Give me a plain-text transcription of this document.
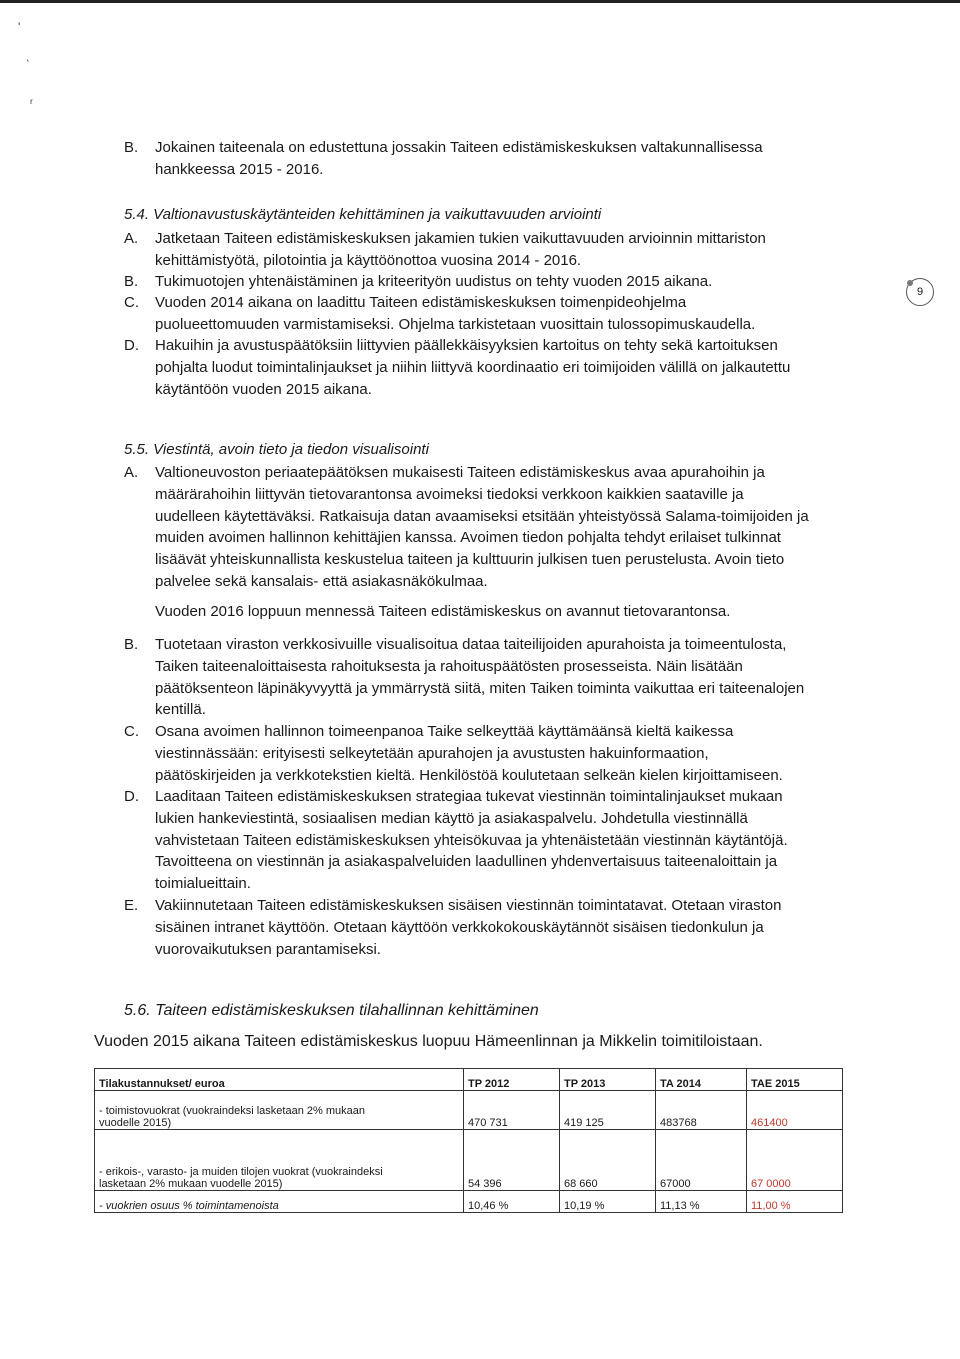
'
ˎ
ʳ
B. Jokainen taiteenala on edustettuna jossakin Taiteen edistämiskeskuksen valtakunnallisessa
hankkeessa 2015 - 2016.
5.4. Valtionavustuskäytänteiden kehittäminen ja vaikuttavuuden arviointi
A. Jatketaan Taiteen edistämiskeskuksen jakamien tukien vaikuttavuuden arvioinnin mittariston
kehittämistyötä, pilotointia ja käyttöönottoa vuosina 2014 - 2016.
B. Tukimuotojen yhtenäistäminen ja kriteerityön uudistus on tehty vuoden 2015 aikana.
C. Vuoden 2014 aikana on laadittu Taiteen edistämiskeskuksen toimenpideohjelma
puolueettomuuden varmistamiseksi. Ohjelma tarkistetaan vuosittain tulossopimuskaudella.
D. Hakuihin ja avustuspäätöksiin liittyvien päällekkäisyyksien kartoitus on tehty sekä kartoituksen
pohjalta luodut toimintalinjaukset ja niihin liittyvä koordinaatio eri toimijoiden välillä on jalkautettu
käytäntöön vuoden 2015 aikana.
9
5.5. Viestintä, avoin tieto ja tiedon visualisointi
A. Valtioneuvoston periaatepäätöksen mukaisesti Taiteen edistämiskeskus avaa apurahoihin ja
määrärahoihin liittyvän tietovarantonsa avoimeksi tiedoksi verkkoon kaikkien saataville ja
uudelleen käytettäväksi. Ratkaisuja datan avaamiseksi etsitään yhteistyössä Salama-toimijoiden ja
muiden avoimen hallinnon kehittäjien kanssa. Avoimen tiedon pohjalta tehdyt erilaiset tulkinnat
lisäävät yhteiskunnallista keskustelua taiteen ja kulttuurin julkisen tuen perustelusta. Avoin tieto
palvelee sekä kansalais- että asiakasnäkökulmaa.
Vuoden 2016 loppuun mennessä Taiteen edistämiskeskus on avannut tietovarantonsa.
B. Tuotetaan viraston verkkosivuille visualisoitua dataa taiteilijoiden apurahoista ja toimeentulosta,
Taiken taiteenaloittaisesta rahoituksesta ja rahoituspäätösten prosesseista. Näin lisätään
päätöksenteon läpinäkyvyyttä ja ymmärrystä siitä, miten Taiken toiminta vaikuttaa eri taiteenalojen
kentillä.
C. Osana avoimen hallinnon toimeenpanoa Taike selkeyttää käyttämäänsä kieltä kaikessa
viestinnässään: erityisesti selkeytetään apurahojen ja avustusten hakuinformaation,
päätöskirjeiden ja verkkotekstien kieltä. Henkilöstöä koulutetaan selkeän kielen kirjoittamiseen.
D. Laaditaan Taiteen edistämiskeskuksen strategiaa tukevat viestinnän toimintalinjaukset mukaan
lukien hankeviestintä, sosiaalisen median käyttö ja asiakaspalvelu. Johdetulla viestinnällä
vahvistetaan Taiteen edistämiskeskuksen yhteisökuvaa ja yhtenäistetään viestinnän käytäntöjä.
Tavoitteena on viestinnän ja asiakaspalveluiden laadullinen yhdenvertaisuus taiteenaloittain ja
toimialueittain.
E. Vakiinnutetaan Taiteen edistämiskeskuksen sisäisen viestinnän toimintatavat. Otetaan viraston
sisäinen intranet käyttöön. Otetaan käyttöön verkkokokouskäytännöt sisäisen tiedonkulun ja
vuorovaikutuksen parantamiseksi.
5.6. Taiteen edistämiskeskuksen tilahallinnan kehittäminen
Vuoden 2015 aikana Taiteen edistämiskeskus luopuu Hämeenlinnan ja Mikkelin toimitiloistaan.
Tilakustannukset/ euroa	TP 2012	TP 2013	TA 2014	TAE 2015

- toimistovuokrat (vuokraindeksi lasketaan 2% mukaan
vuodelle 2015)	470 731	419 125	483768	461400

- erikois-, varasto- ja muiden tilojen vuokrat (vuokraindeksi
lasketaan 2% mukaan vuodelle 2015)	54 396	68 660	67000	67 0000
- vuokrien osuus % toimintamenoista	10,46 %	10,19 %	11,13 %	11,00 %
